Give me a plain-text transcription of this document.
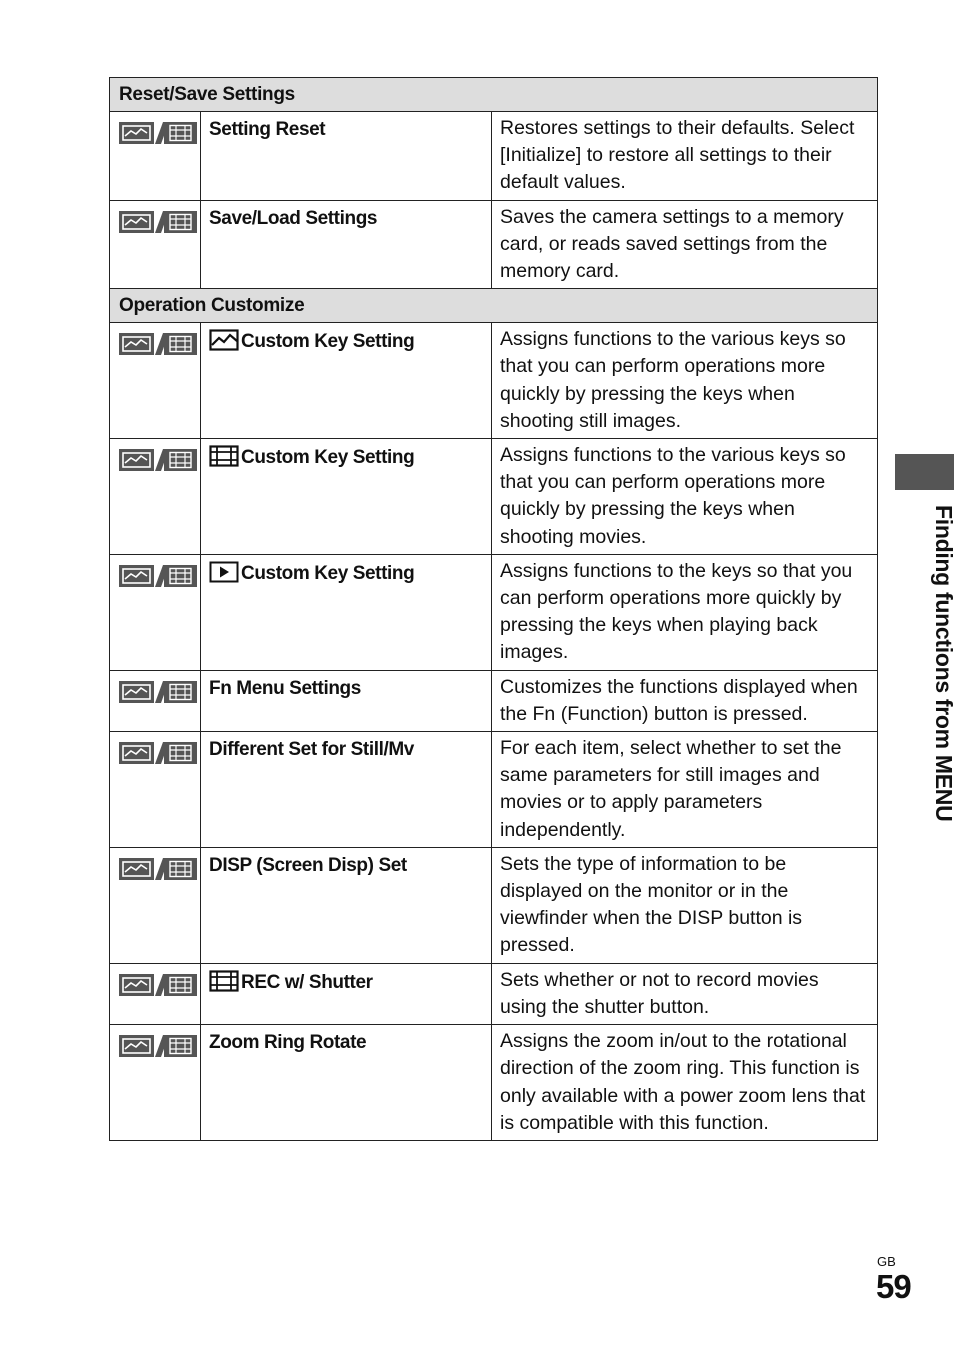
Reset/Save Settings		

	Setting Reset	Restores settings to their defaults. Select [Initialize] to restore all settings to their default values.

	Save/Load Settings	Saves the camera settings to a memory card, or reads saved settings from the memory card.
Operation Customize		

	Custom Key Setting	Assigns functions to the various keys so that you can perform operations more quickly by pressing the keys when shooting still images.

	Custom Key Setting	Assigns functions to the various keys so that you can perform operations more quickly by pressing the keys when shooting movies.

	Custom Key Setting	Assigns functions to the keys so that you can perform operations more quickly by pressing the keys when playing back images.

	Fn Menu Settings	Customizes the functions displayed when the Fn (Function) button is pressed.

	Different Set for Still/Mv	For each item, select whether to set the same parameters for still images and movies or to apply parameters independently.

	DISP (Screen Disp) Set	Sets the type of information to be displayed on the monitor or in the viewfinder when the DISP button is pressed.

	REC w/ Shutter	Sets whether or not to record movies using the shutter button.

	Zoom Ring Rotate	Assigns the zoom in/out to the rotational direction of the zoom ring. This function is only available with a power zoom lens that is compatible with this function.
Finding functions from MENU
GB
59
